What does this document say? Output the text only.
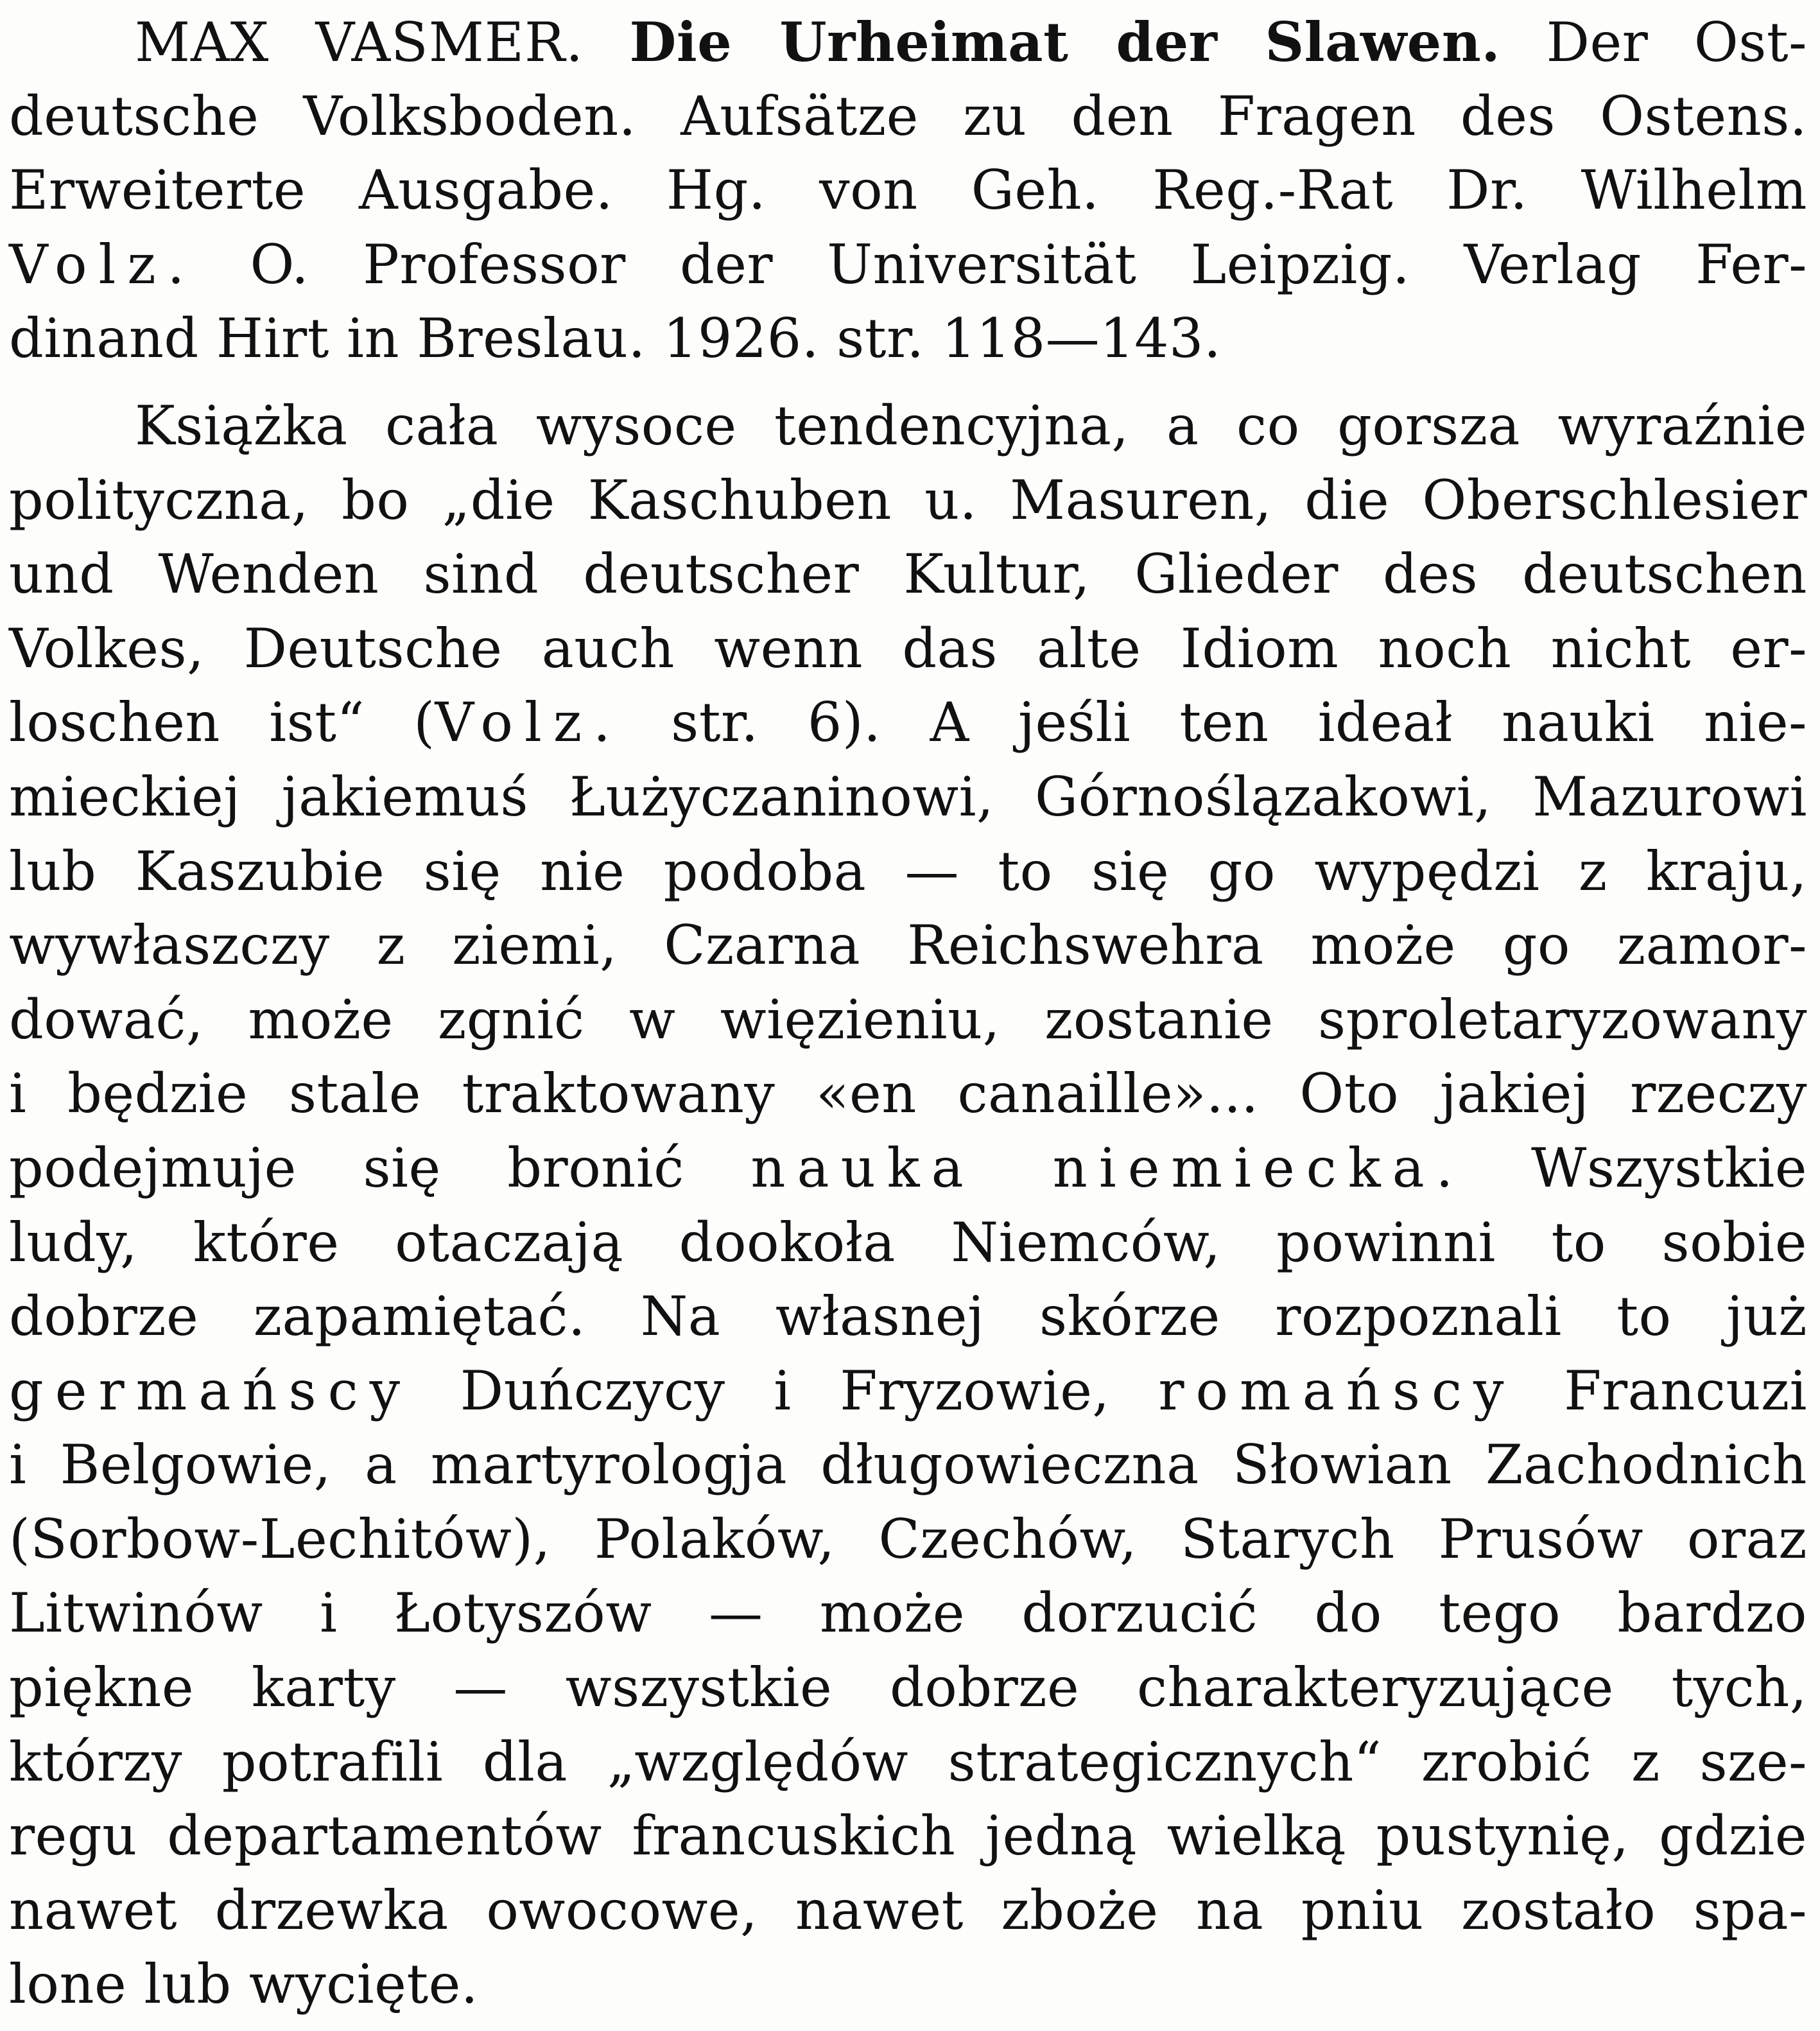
MAX VASMER. Die Urheimat der Slawen. Der Ost-
deutsche Volksboden. Aufsätze zu den Fragen des Ostens.
Erweiterte Ausgabe. Hg. von Geh. Reg.-Rat Dr. Wilhelm
Volz. O. Professor der Universität Leipzig. Verlag Fer-
dinand Hirt in Breslau. 1926. str. 118—143.
Książka cała wysoce tendencyjna, a co gorsza wyraźnie
polityczna, bo „die Kaschuben u. Masuren, die Oberschlesier
und Wenden sind deutscher Kultur, Glieder des deutschen
Volkes, Deutsche auch wenn das alte Idiom noch nicht er-
loschen ist“ (Volz. str. 6). A jeśli ten ideał nauki nie-
mieckiej jakiemuś Łużyczaninowi, Górnoślązakowi, Mazurowi
lub Kaszubie się nie podoba — to się go wypędzi z kraju,
wywłaszczy z ziemi, Czarna Reichswehra może go zamor-
dować, może zgnić w więzieniu, zostanie sproletaryzowany
i będzie stale traktowany «en canaille»... Oto jakiej rzeczy
podejmuje się bronić nauka niemiecka. Wszystkie
ludy, które otaczają dookoła Niemców, powinni to sobie
dobrze zapamiętać. Na własnej skórze rozpoznali to już
germańscy Duńczycy i Fryzowie, romańscy Francuzi
i Belgowie, a martyrologja długowieczna Słowian Zachodnich
(Sorbow-Lechitów), Polaków, Czechów, Starych Prusów oraz
Litwinów i Łotyszów — może dorzucić do tego bardzo
piękne karty — wszystkie dobrze charakteryzujące tych,
którzy potrafili dla „względów strategicznych“ zrobić z sze-
regu departamentów francuskich jedną wielką pustynię, gdzie
nawet drzewka owocowe, nawet zboże na pniu zostało spa-
lone lub wycięte.
